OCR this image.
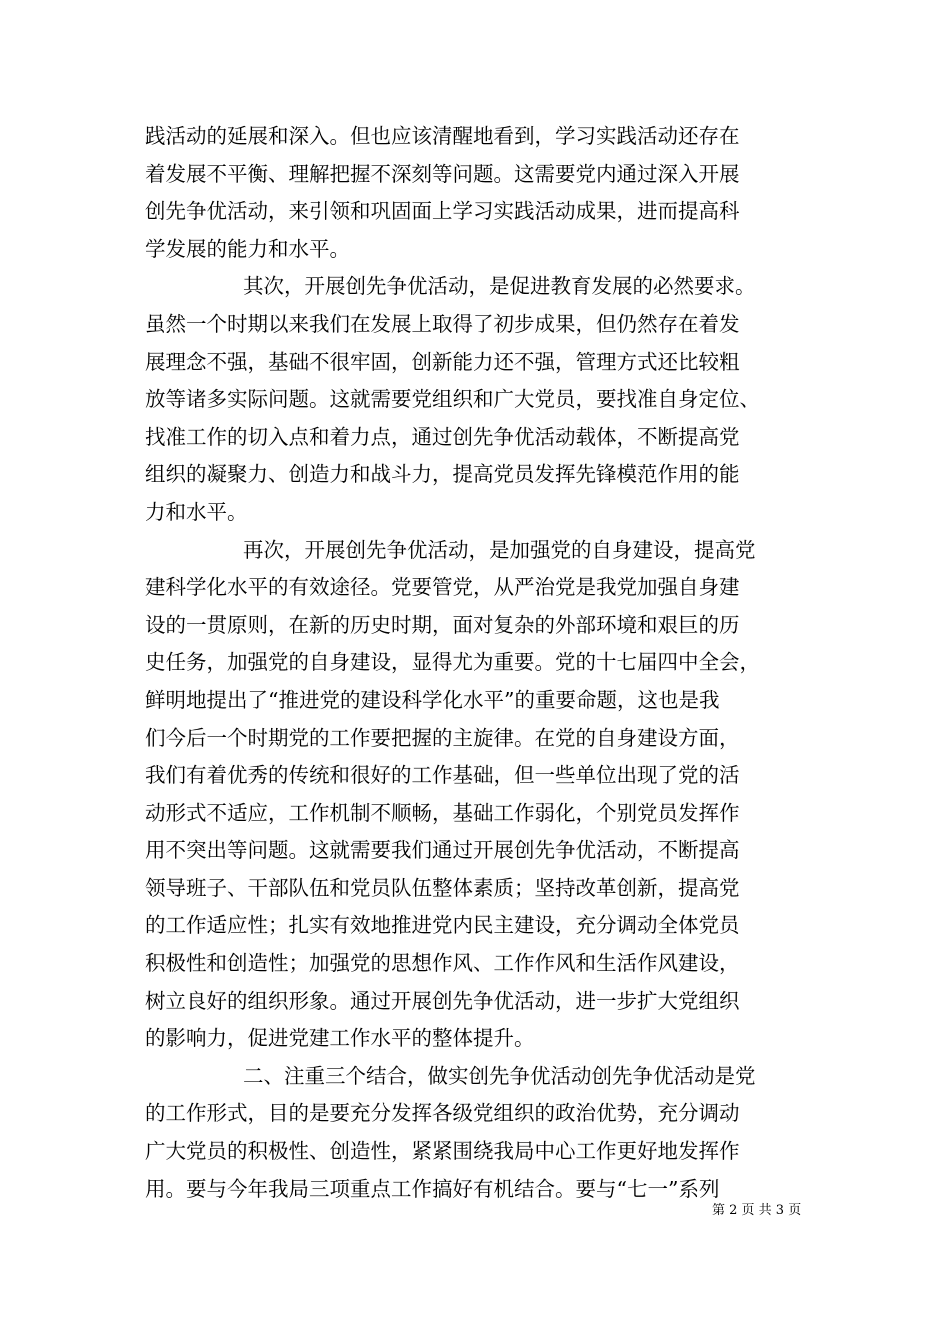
践活动的延展和深入。但也应该清醒地看到，学习实践活动还存在
着发展不平衡、理解把握不深刻等问题。这需要党内通过深入开展
创先争优活动，来引领和巩固面上学习实践活动成果，进而提高科
学发展的能力和水平。
其次，开展创先争优活动，是促进教育发展的必然要求。
虽然一个时期以来我们在发展上取得了初步成果，但仍然存在着发
展理念不强，基础不很牢固，创新能力还不强，管理方式还比较粗
放等诸多实际问题。这就需要党组织和广大党员，要找准自身定位、
找准工作的切入点和着力点，通过创先争优活动载体，不断提高党
组织的凝聚力、创造力和战斗力，提高党员发挥先锋模范作用的能
力和水平。
再次，开展创先争优活动，是加强党的自身建设，提高党
建科学化水平的有效途径。党要管党，从严治党是我党加强自身建
设的一贯原则，在新的历史时期，面对复杂的外部环境和艰巨的历
史任务，加强党的自身建设，显得尤为重要。党的十七届四中全会，
鲜明地提出了“推进党的建设科学化水平”的重要命题，这也是我
们今后一个时期党的工作要把握的主旋律。在党的自身建设方面，
我们有着优秀的传统和很好的工作基础，但一些单位出现了党的活
动形式不适应，工作机制不顺畅，基础工作弱化，个别党员发挥作
用不突出等问题。这就需要我们通过开展创先争优活动，不断提高
领导班子、干部队伍和党员队伍整体素质；坚持改革创新，提高党
的工作适应性；扎实有效地推进党内民主建设，充分调动全体党员
积极性和创造性；加强党的思想作风、工作作风和生活作风建设，
树立良好的组织形象。通过开展创先争优活动，进一步扩大党组织
的影响力，促进党建工作水平的整体提升。
二、注重三个结合，做实创先争优活动创先争优活动是党
的工作形式，目的是要充分发挥各级党组织的政治优势，充分调动
广大党员的积极性、创造性，紧紧围绕我局中心工作更好地发挥作
用。要与今年我局三项重点工作搞好有机结合。要与“七一”系列
第 2 页 共 3 页
